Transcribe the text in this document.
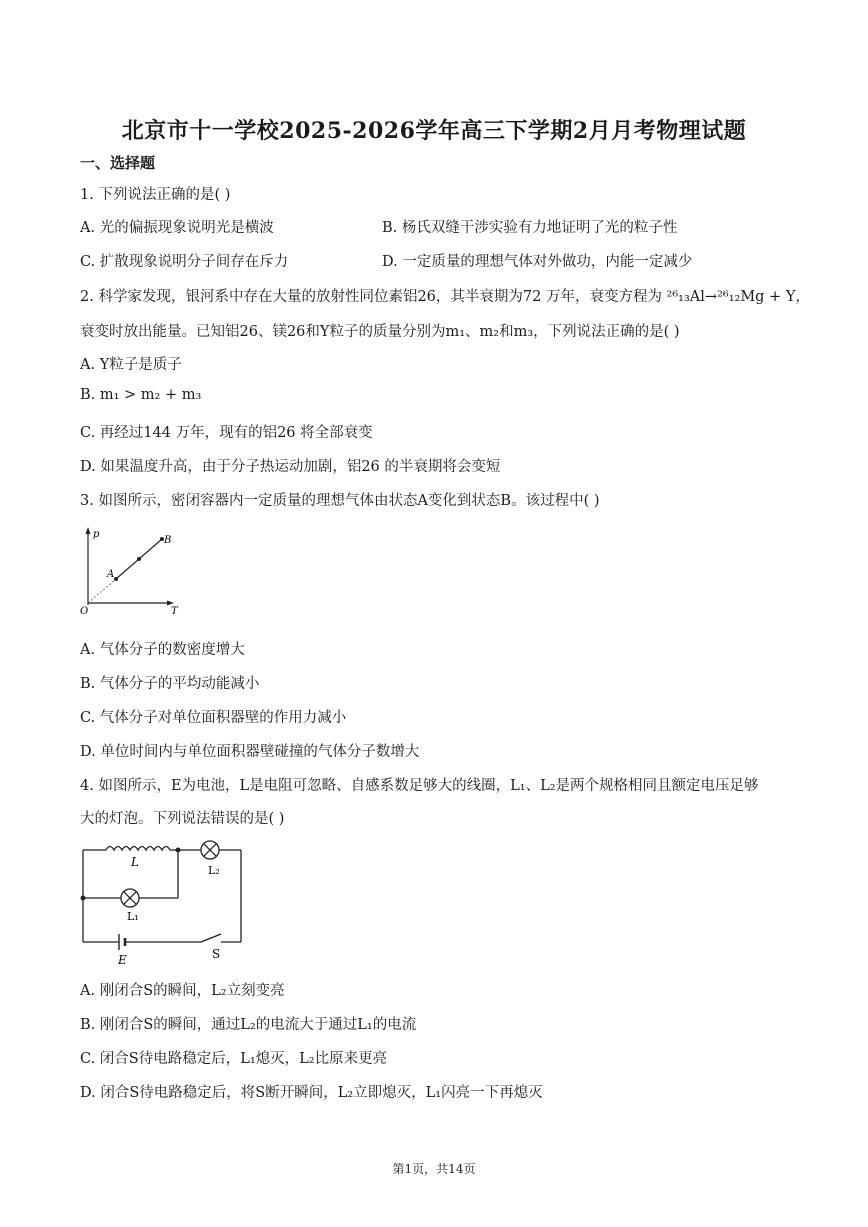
北京市十一学校2025-2026学年高三下学期2月月考物理试题
一、选择题
1. 下列说法正确的是( )
A. 光的偏振现象说明光是横波	B. 杨氏双缝干涉实验有力地证明了光的粒子性
C. 扩散现象说明分子间存在斥力	D. 一定质量的理想气体对外做功，内能一定减少
2. 科学家发现，银河系中存在大量的放射性同位素铝26，其半衰期为72 万年，衰变方程为 ²⁶₁₃Al→²⁶₁₂Mg + Y，
衰变时放出能量。已知铝26、镁26和Y粒子的质量分别为m₁、m₂和m₃，下列说法正确的是( )
A. Y粒子是质子
B. m₁ > m₂ + m₃
C. 再经过144 万年，现有的铝26 将全部衰变
D. 如果温度升高，由于分子热运动加剧，铝26 的半衰期将会变短
3. 如图所示，密闭容器内一定质量的理想气体由状态A变化到状态B。该过程中( )
p
T
O
A
B
A. 气体分子的数密度增大
B. 气体分子的平均动能减小
C. 气体分子对单位面积器壁的作用力减小
D. 单位时间内与单位面积器壁碰撞的气体分子数增大
4. 如图所示，E为电池，L是电阻可忽略、自感系数足够大的线圈，L₁、L₂是两个规格相同且额定电压足够
大的灯泡。下列说法错误的是( )
L
L₂
L₁
E	S
A. 刚闭合S的瞬间，L₂立刻变亮
B. 刚闭合S的瞬间，通过L₂的电流大于通过L₁的电流
C. 闭合S待电路稳定后，L₁熄灭，L₂比原来更亮
D. 闭合S待电路稳定后，将S断开瞬间，L₂立即熄灭，L₁闪亮一下再熄灭
第1页，共14页
